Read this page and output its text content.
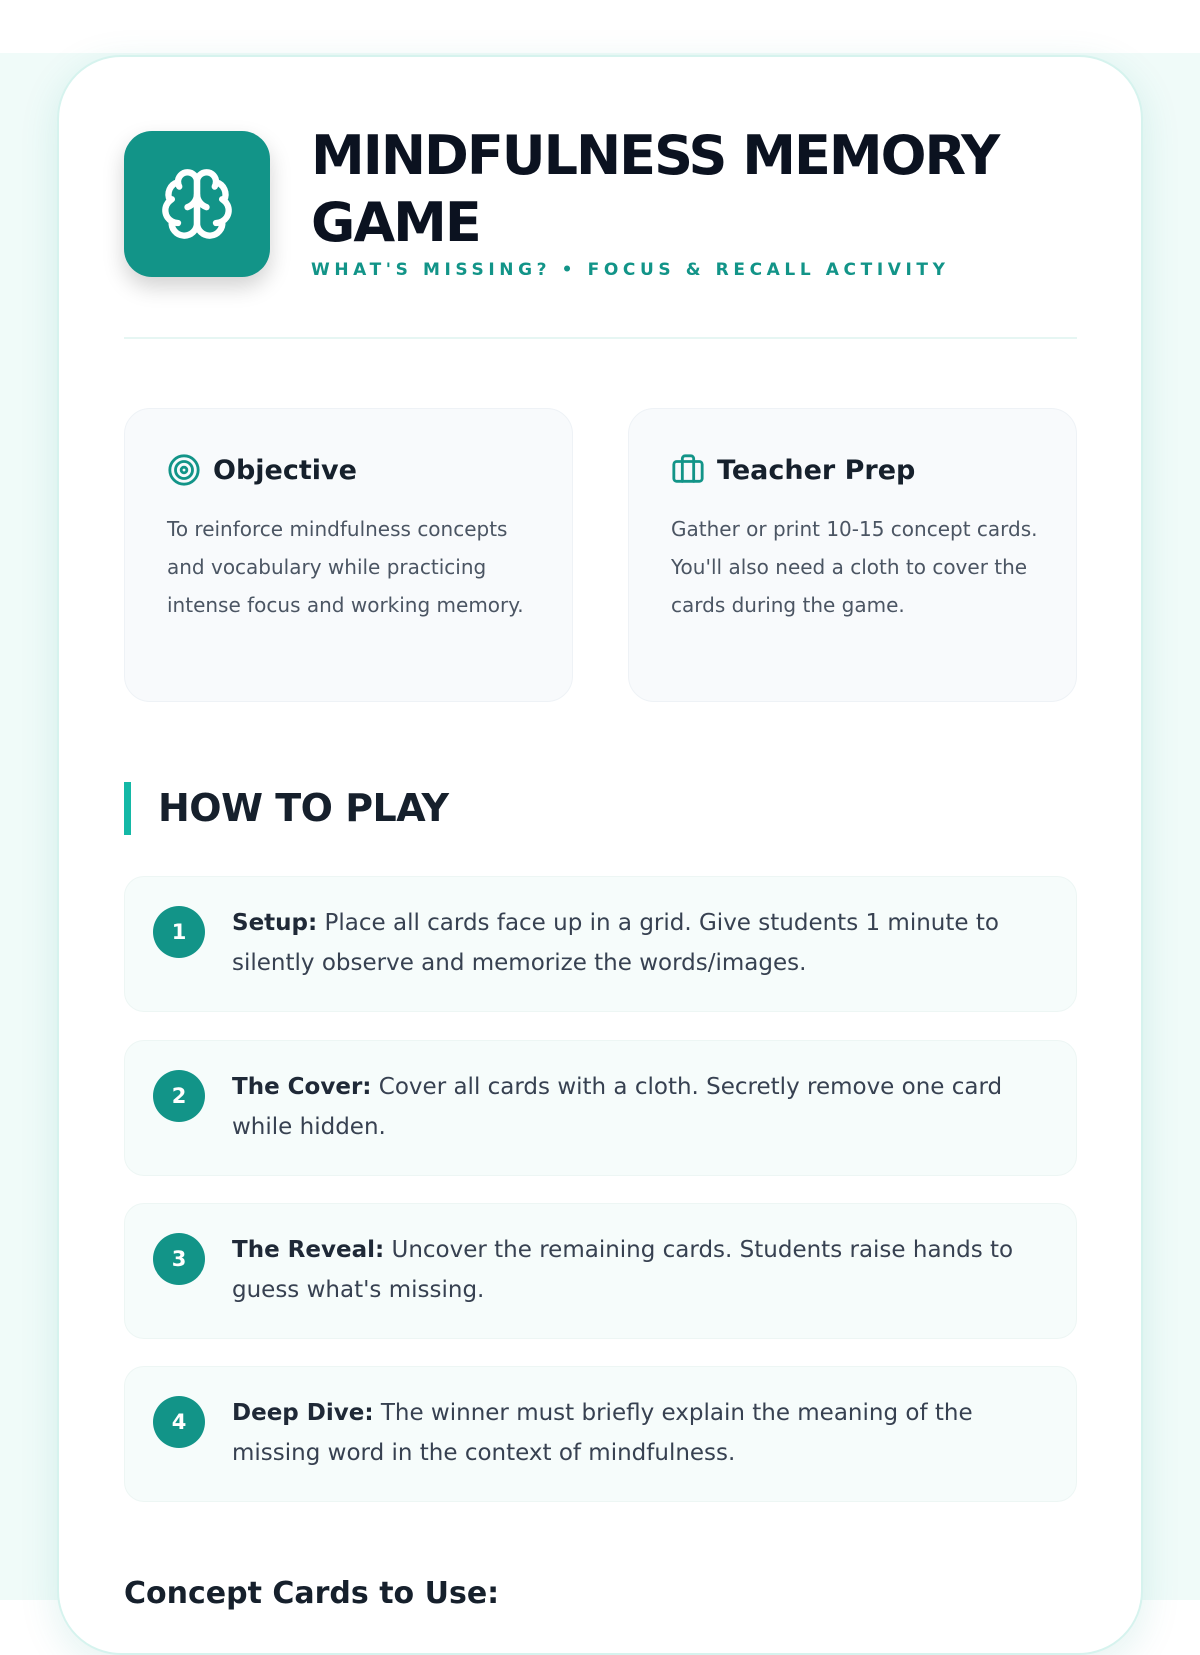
MINDFULNESS MEMORY GAME
WHAT'S MISSING? • FOCUS & RECALL ACTIVITY
Objective
To reinforce mindfulness concepts and vocabulary while practicing intense focus and working memory.
Teacher Prep
Gather or print 10-15 concept cards. You'll also need a cloth to cover the cards during the game.
HOW TO PLAY
1	Setup: Place all cards face up in a grid. Give students 1 minute to silently observe and memorize the words/images.
2	The Cover: Cover all cards with a cloth. Secretly remove one card while hidden.
3	The Reveal: Uncover the remaining cards. Students raise hands to guess what's missing.
4	Deep Dive: The winner must briefly explain the meaning of the missing word in the context of mindfulness.
Concept Cards to Use:
